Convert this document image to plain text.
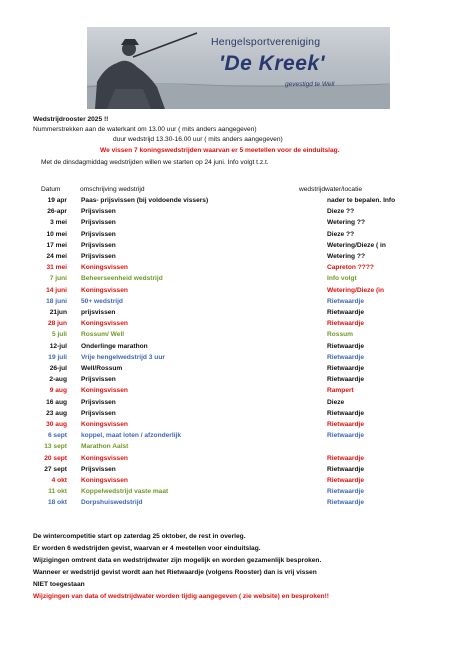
Hengelsportvereniging
'De Kreek'
gevestigd te Well
Wedstrijdrooster 2025 !!
Nummerstrekken aan de waterkant om 13.00 uur ( mits anders aangegeven)
duur wedstrijd 13.30-16.00 uur ( mits anders aangegeven)
We vissen 7 koningswedstrijden waarvan er 5 meetellen voor de einduitslag.
Met de dinsdagmiddag wedstrijden willen we starten op 24 juni. Info volgt t.z.t.
Datum	omschrijving wedstrijd	wedstrijdwater/locatie
19 apr Paas- prijsvissen (bij voldoende vissers)	nader te bepalen. Info
26-apr Prijsvissen	Dieze ??
3 mei Prijsvissen	Wetering ??
10 mei Prijsvissen	Dieze ??
17 mei Prijsvissen	Wetering/Dieze ( in
24 mei Prijsvissen	Wetering ??
31 mei Koningsvissen	Capreton ????
7 juni Beheerseenheid wedstrijd	Info volgt
14 juni Koningsvissen	Wetering/Dieze (in
18 juni 50+ wedstrijd	Rietwaardje
21jun prijsvissen	Rietwaardje
28 jun Koningsvissen	Rietwaardje
5 juli Rossum/ Well	Rossum
12-jul Onderlinge marathon	Rietwaardje
19 juli Vrije hengelwedstrijd 3 uur	Rietwaardje
26-jul Well/Rossum	Rietwaardje
2-aug Prijsvissen	Rietwaardje
9 aug Koningsvissen	Rampert
16 aug Prijsvissen	Dieze
23 aug Prijsvissen	Rietwaardje
30 aug Koningsvissen	Rietwaardje
6 sept koppel, maat loten / afzonderlijk	Rietwaardje
13 sept Marathon Aalst
20 sept Koningsvissen	Rietwaardje
27 sept Prijsvissen	Rietwaardje
4 okt Koningsvissen	Rietwaardje
11 okt Koppelwedstrijd vaste maat	Rietwaardje
18 okt Dorpshuiswedstrijd	Rietwaardje
De wintercompetitie start op zaterdag 25 oktober, de rest in overleg.
Er worden 6 wedstrijden gevist, waarvan er 4 meetellen voor einduitslag.
Wijzigingen omtrent data en wedstrijdwater zijn mogelijk en worden gezamenlijk besproken.
Wanneer er wedstrijd gevist wordt aan het Rietwaardje (volgens Rooster) dan is vrij vissen
NIET toegestaan
Wijzigingen van data of wedstrijdwater worden tijdig aangegeven ( zie website) en besproken!!
